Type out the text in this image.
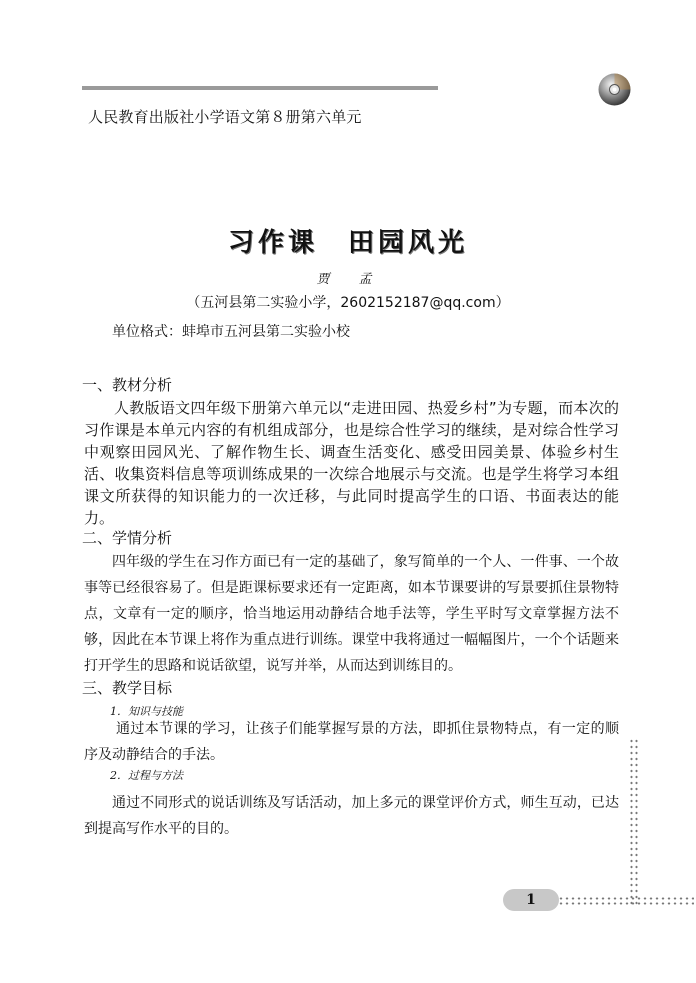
人民教育出版社小学语文第８册第六单元
习作课　田园风光
贾　孟
（五河县第二实验小学，2602152187@qq.com）
单位格式：蚌埠市五河县第二实验小校
一、教材分析

人教版语文四年级下册第六单元以“走进田园、热爱乡村”为专题，而本次的习作课是本单元内容的有机组成部分，也是综合性学习的继续，是对综合性学习中观察田园风光、了解作物生长、调查生活变化、感受田园美景、体验乡村生活、收集资料信息等项训练成果的一次综合地展示与交流。也是学生将学习本组课文所获得的知识能力的一次迁移，与此同时提高学生的口语、书面表达的能力。

二、学情分析

四年级的学生在习作方面已有一定的基础了，象写简单的一个人、一件事、一个故事等已经很容易了。但是距课标要求还有一定距离，如本节课要讲的写景要抓住景物特点，文章有一定的顺序，恰当地运用动静结合地手法等，学生平时写文章掌握方法不够，因此在本节课上将作为重点进行训练。课堂中我将通过一幅幅图片，一个个话题来打开学生的思路和说话欲望，说写并举，从而达到训练目的。

三、教学目标
1．知识与技能

通过本节课的学习，让孩子们能掌握写景的方法，即抓住景物特点，有一定的顺序及动静结合的手法。

2．过程与方法

通过不同形式的说话训练及写话活动，加上多元的课堂评价方式，师生互动，已达到提高写作水平的目的。

1
